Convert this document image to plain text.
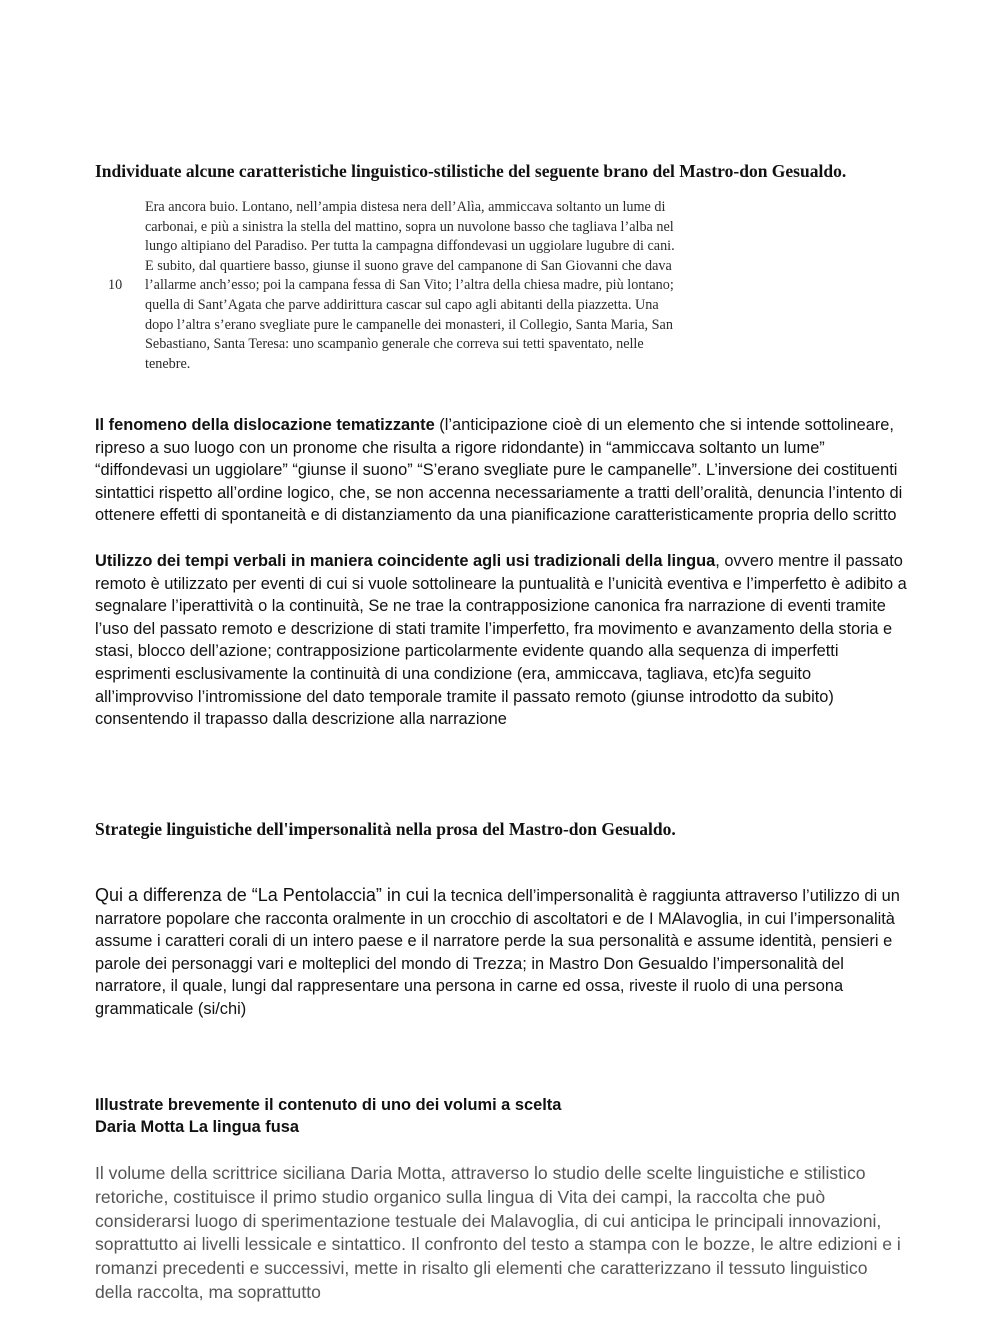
Individuate alcune caratteristiche linguistico-stilistiche del seguente brano del Mastro-don Gesualdo.
Era ancora buio. Lontano, nell’ampia distesa nera dell’Alìa, ammiccava soltanto un lume di
carbonai, e più a sinistra la stella del mattino, sopra un nuvolone basso che tagliava l’alba nel
lungo altipiano del Paradiso. Per tutta la campagna diffondevasi un uggiolare lugubre di cani.
E subito, dal quartiere basso, giunse il suono grave del campanone di San Giovanni che dava
10 l’allarme anch’esso; poi la campana fessa di San Vito; l’altra della chiesa madre, più lontano;
quella di Sant’Agata che parve addirittura cascar sul capo agli abitanti della piazzetta. Una
dopo l’altra s’erano svegliate pure le campanelle dei monasteri, il Collegio, Santa Maria, San
Sebastiano, Santa Teresa: uno scampanìo generale che correva sui tetti spaventato, nelle
tenebre.
Il fenomeno della dislocazione tematizzante (l’anticipazione cioè di un elemento che si intende sottolineare, ripreso a suo luogo con un pronome che risulta a rigore ridondante) in “ammiccava soltanto un lume” “diffondevasi un uggiolare” “giunse il suono” “S’erano svegliate pure le campanelle”. L’inversione dei costituenti sintattici rispetto all’ordine logico, che, se non accenna necessariamente a tratti dell’oralità, denuncia l’intento di ottenere effetti di spontaneità e di distanziamento da una pianificazione caratteristicamente propria dello scritto
Utilizzo dei tempi verbali in maniera coincidente agli usi tradizionali della lingua, ovvero mentre il passato remoto è utilizzato per eventi di cui si vuole sottolineare la puntualità e l’unicità eventiva e l’imperfetto è adibito a segnalare l’iperattività o la continuità, Se ne trae la contrapposizione canonica fra narrazione di eventi tramite l’uso del passato remoto e descrizione di stati tramite l’imperfetto, fra movimento e avanzamento della storia e stasi, blocco dell’azione; contrapposizione particolarmente evidente quando alla sequenza di imperfetti esprimenti esclusivamente la continuità di una condizione (era, ammiccava, tagliava, etc)fa seguito all’improvviso l’intromissione del dato temporale tramite il passato remoto (giunse introdotto da subito) consentendo il trapasso dalla descrizione alla narrazione
Strategie linguistiche dell'impersonalità nella prosa del Mastro-don Gesualdo.
Qui a differenza de “La Pentolaccia” in cui la tecnica dell’impersonalità è raggiunta attraverso l’utilizzo di un narratore popolare che racconta oralmente in un crocchio di ascoltatori e de I MAlavoglia, in cui l’impersonalità assume i caratteri corali di un intero paese e il narratore perde la sua personalità e assume identità, pensieri e parole dei personaggi vari e molteplici del mondo di Trezza; in Mastro Don Gesualdo l’impersonalità del narratore, il quale, lungi dal rappresentare una persona in carne ed ossa, riveste il ruolo di una persona grammaticale (si/chi)
Illustrate brevemente il contenuto di uno dei volumi a scelta
Daria Motta La lingua fusa
Il volume della scrittrice siciliana Daria Motta, attraverso lo studio delle scelte linguistiche e stilistico retoriche, costituisce il primo studio organico sulla lingua di Vita dei campi, la raccolta che può considerarsi luogo di sperimentazione testuale dei Malavoglia, di cui anticipa le principali innovazioni, soprattutto ai livelli lessicale e sintattico. Il confronto del testo a stampa con le bozze, le altre edizioni e i romanzi precedenti e successivi, mette in risalto gli elementi che caratterizzano il tessuto linguistico della raccolta, ma soprattutto
